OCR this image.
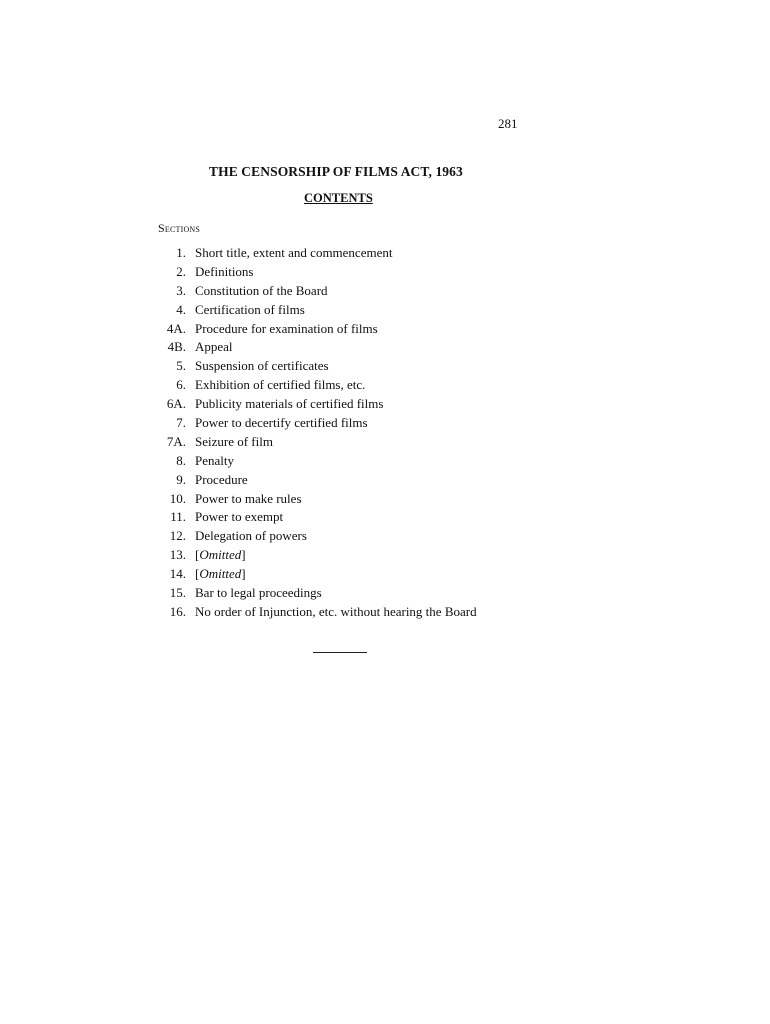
281
THE CENSORSHIP OF FILMS ACT, 1963
CONTENTS
Sections
1. Short title, extent and commencement
2. Definitions
3. Constitution of the Board
4. Certification of films
4A. Procedure for examination of films
4B. Appeal
5. Suspension of certificates
6. Exhibition of certified films, etc.
6A. Publicity materials of certified films
7. Power to decertify certified films
7A. Seizure of film
8. Penalty
9. Procedure
10. Power to make rules
11. Power to exempt
12. Delegation of powers
13. [Omitted]
14. [Omitted]
15. Bar to legal proceedings
16. No order of Injunction, etc. without hearing the Board
